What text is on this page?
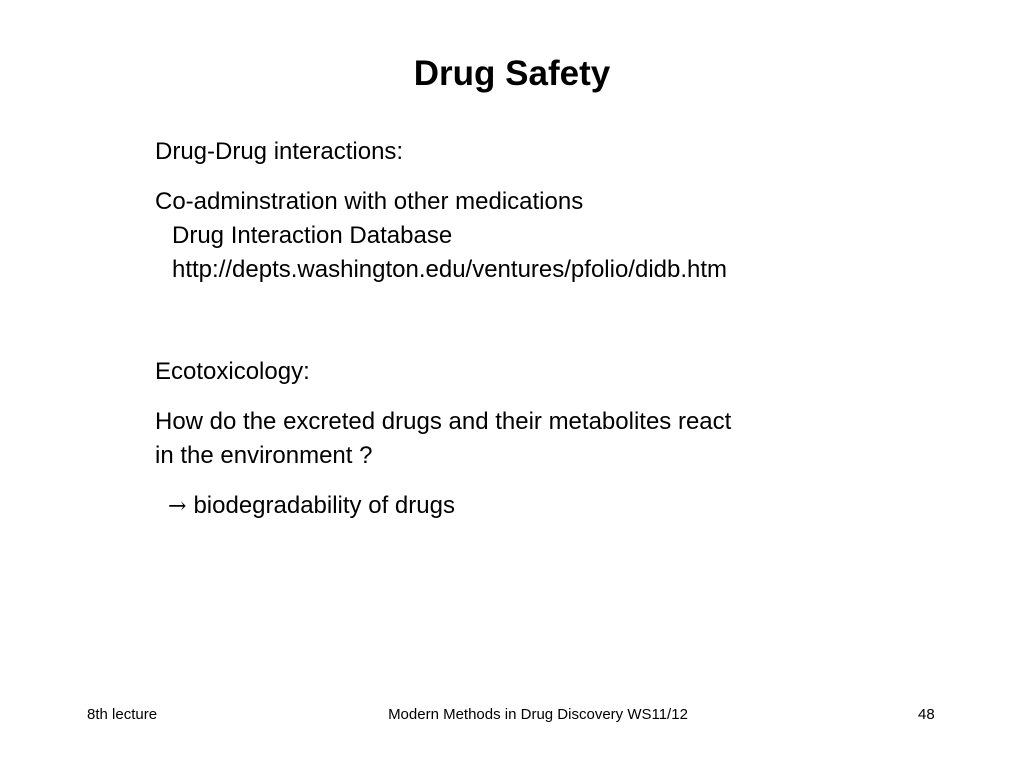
Drug Safety

Drug-Drug interactions:

Co-adminstration with other medications

Drug Interaction Database

http://depts.washington.edu/ventures/pfolio/didb.htm

Ecotoxicology:

How do the excreted drugs and their metabolites react

in the environment ?

→ biodegradability of drugs

8th lecture	Modern Methods in Drug Discovery WS11/12	48
